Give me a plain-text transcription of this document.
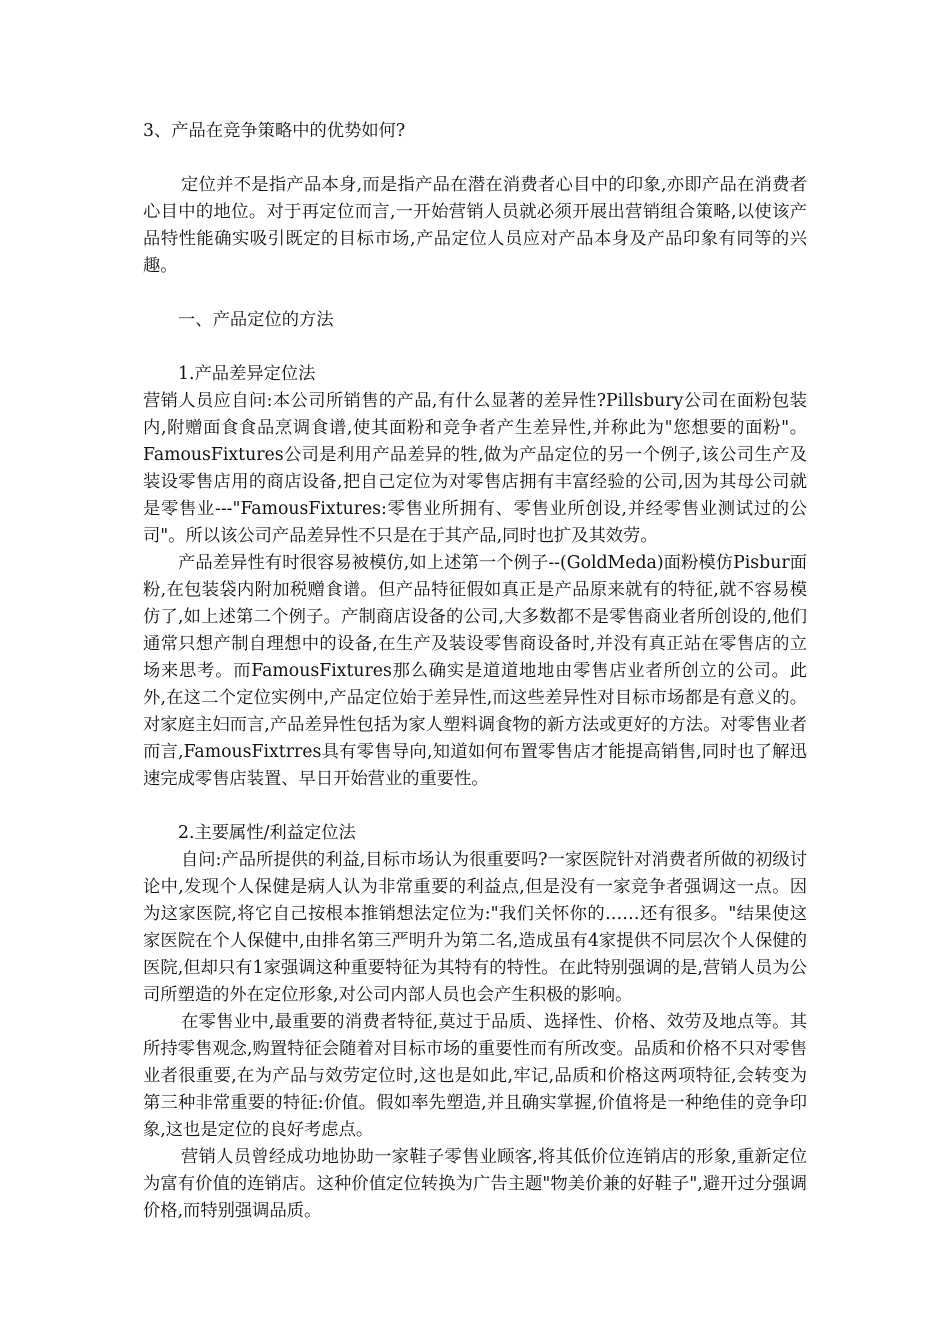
3、产品在竞争策略中的优势如何?

定位并不是指产品本身,而是指产品在潜在消费者心目中的印象,亦即产品在消费者心目中的地位。对于再定位而言,一开始营销人员就必须开展出营销组合策略,以使该产品特性能确实吸引既定的目标市场,产品定位人员应对产品本身及产品印象有同等的兴趣。

一、产品定位的方法

1.产品差异定位法

营销人员应自问:本公司所销售的产品,有什么显著的差异性?Pillsbury公司在面粉包装内,附赠面食食品烹调食谱,使其面粉和竞争者产生差异性,并称此为"您想要的面粉"。FamousFixtures公司是利用产品差异的牲,做为产品定位的另一个例子,该公司生产及装设零售店用的商店设备,把自己定位为对零售店拥有丰富经验的公司,因为其母公司就是零售业---"FamousFixtures:零售业所拥有、零售业所创设,并经零售业测试过的公司"。所以该公司产品差异性不只是在于其产品,同时也扩及其效劳。

产品差异性有时很容易被模仿,如上述第一个例子--(GoldMeda)面粉模仿Pisbur面粉,在包装袋内附加税赠食谱。但产品特征假如真正是产品原来就有的特征,就不容易模仿了,如上述第二个例子。产制商店设备的公司,大多数都不是零售商业者所创设的,他们通常只想产制自理想中的设备,在生产及装设零售商设备时,并没有真正站在零售店的立场来思考。而FamousFixtures那么确实是道道地地由零售店业者所创立的公司。此外,在这二个定位实例中,产品定位始于差异性,而这些差异性对目标市场都是有意义的。对家庭主妇而言,产品差异性包括为家人塑料调食物的新方法或更好的方法。对零售业者而言,FamousFixtrres具有零售导向,知道如何布置零售店才能提高销售,同时也了解迅速完成零售店装置、早日开始营业的重要性。

2.主要属性/利益定位法

自问:产品所提供的利益,目标市场认为很重要吗?一家医院针对消费者所做的初级讨论中,发现个人保健是病人认为非常重要的利益点,但是没有一家竞争者强调这一点。因为这家医院,将它自己按根本推销想法定位为:"我们关怀你的……还有很多。"结果使这家医院在个人保健中,由排名第三严明升为第二名,造成虽有4家提供不同层次个人保健的医院,但却只有1家强调这种重要特征为其特有的特性。在此特别强调的是,营销人员为公司所塑造的外在定位形象,对公司内部人员也会产生积极的影响。

在零售业中,最重要的消费者特征,莫过于品质、选择性、价格、效劳及地点等。其所持零售观念,购置特征会随着对目标市场的重要性而有所改变。品质和价格不只对零售业者很重要,在为产品与效劳定位时,这也是如此,牢记,品质和价格这两项特征,会转变为第三种非常重要的特征:价值。假如率先塑造,并且确实掌握,价值将是一种绝佳的竞争印象,这也是定位的良好考虑点。

营销人员曾经成功地协助一家鞋子零售业顾客,将其低价位连销店的形象,重新定位为富有价值的连销店。这种价值定位转换为广告主题"物美价兼的好鞋子",避开过分强调价格,而特别强调品质。
